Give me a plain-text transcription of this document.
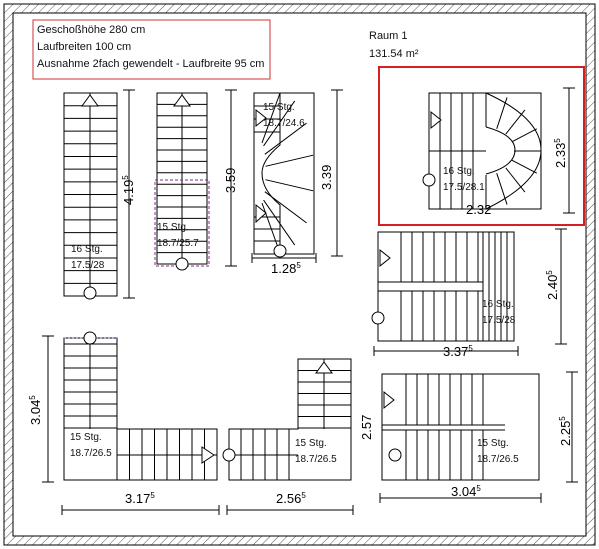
Geschoßhöhe 280 cm
Laufbreiten 100 cm
Ausnahme 2fach gewendelt - Laufbreite 95 cm
Raum 1
131.54 m²
16 Stg.
17.5/28
4.19$^5$
15 Stg.
18.7/25.7
3.59
15 Stg.
18.7/24.6
3.39
1.28$^5$
16 Stg.
17.5/28.1
2.33$^5$
2.32
16 Stg.
17.5/28
2.40$^5$
3.37$^5$
15 Stg.
18.7/26.5
3.04$^5$
3.17$^5$
15 Stg.
18.7/26.5
2.56$^5$
2.57
15 Stg.
18.7/26.5
2.25$^5$
3.04$^5$
